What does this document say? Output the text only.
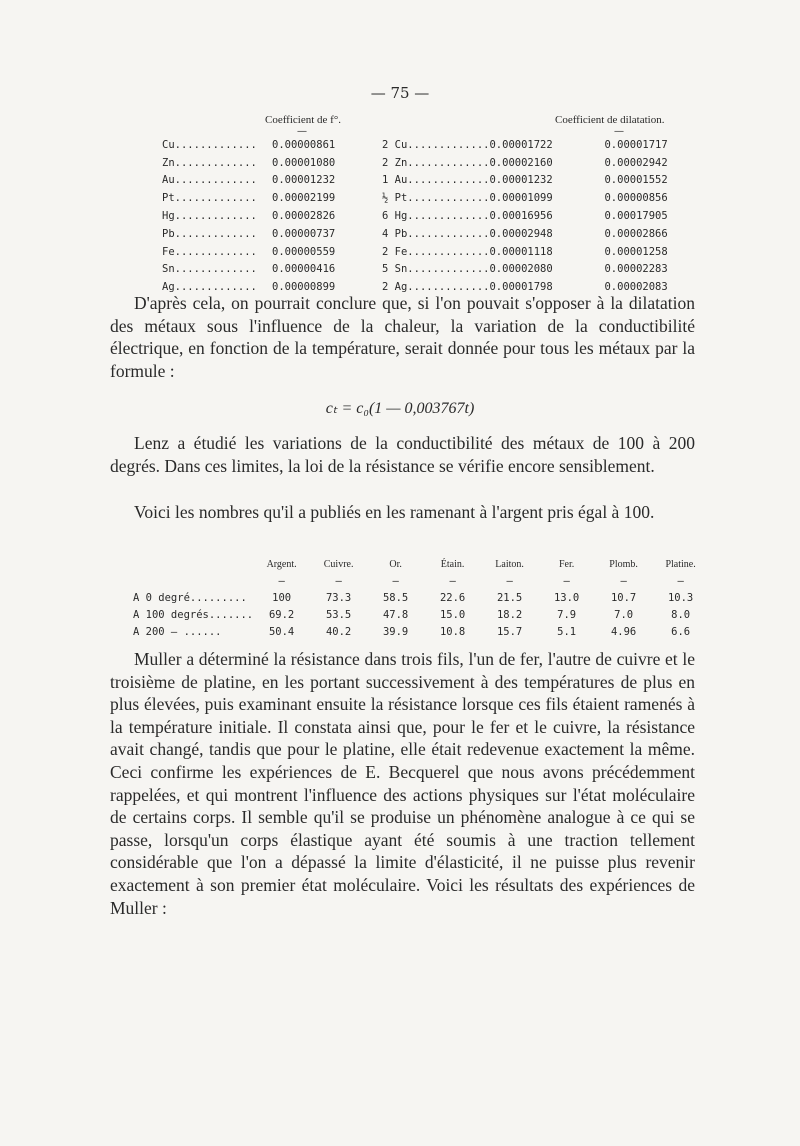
— 75 —
Coefficient de f°.	Coefficient de dilatation.
—	—
Cu.............	0.00000861	2 Cu.............	0.00001722	0.00001717
Zn.............	0.00001080	2 Zn.............	0.00002160	0.00002942
Au.............	0.00001232	1 Au.............	0.00001232	0.00001552
Pt.............	0.00002199	½ Pt.............	0.00001099	0.00000856
Hg.............	0.00002826	6 Hg.............	0.00016956	0.00017905
Pb.............	0.00000737	4 Pb.............	0.00002948	0.00002866
Fe.............	0.00000559	2 Fe.............	0.00001118	0.00001258
Sn.............	0.00000416	5 Sn.............	0.00002080	0.00002283
Ag.............	0.00000899	2 Ag.............	0.00001798	0.00002083

D'après cela, on pourrait conclure que, si l'on pouvait s'opposer à la dilatation des métaux sous l'influence de la chaleur, la variation de la conductibilité électrique, en fonction de la température, serait donnée pour tous les métaux par la formule :

cₜ = c₀(1 — 0,003767t)

Lenz a étudié les variations de la conductibilité des métaux de 100 à 200 degrés. Dans ces limites, la loi de la résistance se vérifie encore sensiblement.

Voici les nombres qu'il a publiés en les ramenant à l'argent pris égal à 100.

	Argent.	Cuivre.	Or.	Étain.	Laiton.	Fer.	Plomb.	Platine.
	—	—	—	—	—	—	—	—
A 0 degré.........	100	73.3	58.5	22.6	21.5	13.0	10.7	10.3
A 100 degrés.......	69.2	53.5	47.8	15.0	18.2	7.9	7.0	8.0
A 200 — ......	50.4	40.2	39.9	10.8	15.7	5.1	4.96	6.6

Muller a déterminé la résistance dans trois fils, l'un de fer, l'autre de cuivre et le troisième de platine, en les portant successivement à des températures de plus en plus élevées, puis examinant ensuite la résistance lorsque ces fils étaient ramenés à la température initiale. Il constata ainsi que, pour le fer et le cuivre, la résistance avait changé, tandis que pour le platine, elle était redevenue exactement la même. Ceci confirme les expériences de E. Becquerel que nous avons précédemment rappelées, et qui montrent l'influence des actions physiques sur l'état moléculaire de certains corps. Il semble qu'il se produise un phénomène analogue à ce qui se passe, lorsqu'un corps élastique ayant été soumis à une traction tellement considérable que l'on a dépassé la limite d'élasticité, il ne puisse plus revenir exactement à son premier état moléculaire. Voici les résultats des expériences de Muller :
